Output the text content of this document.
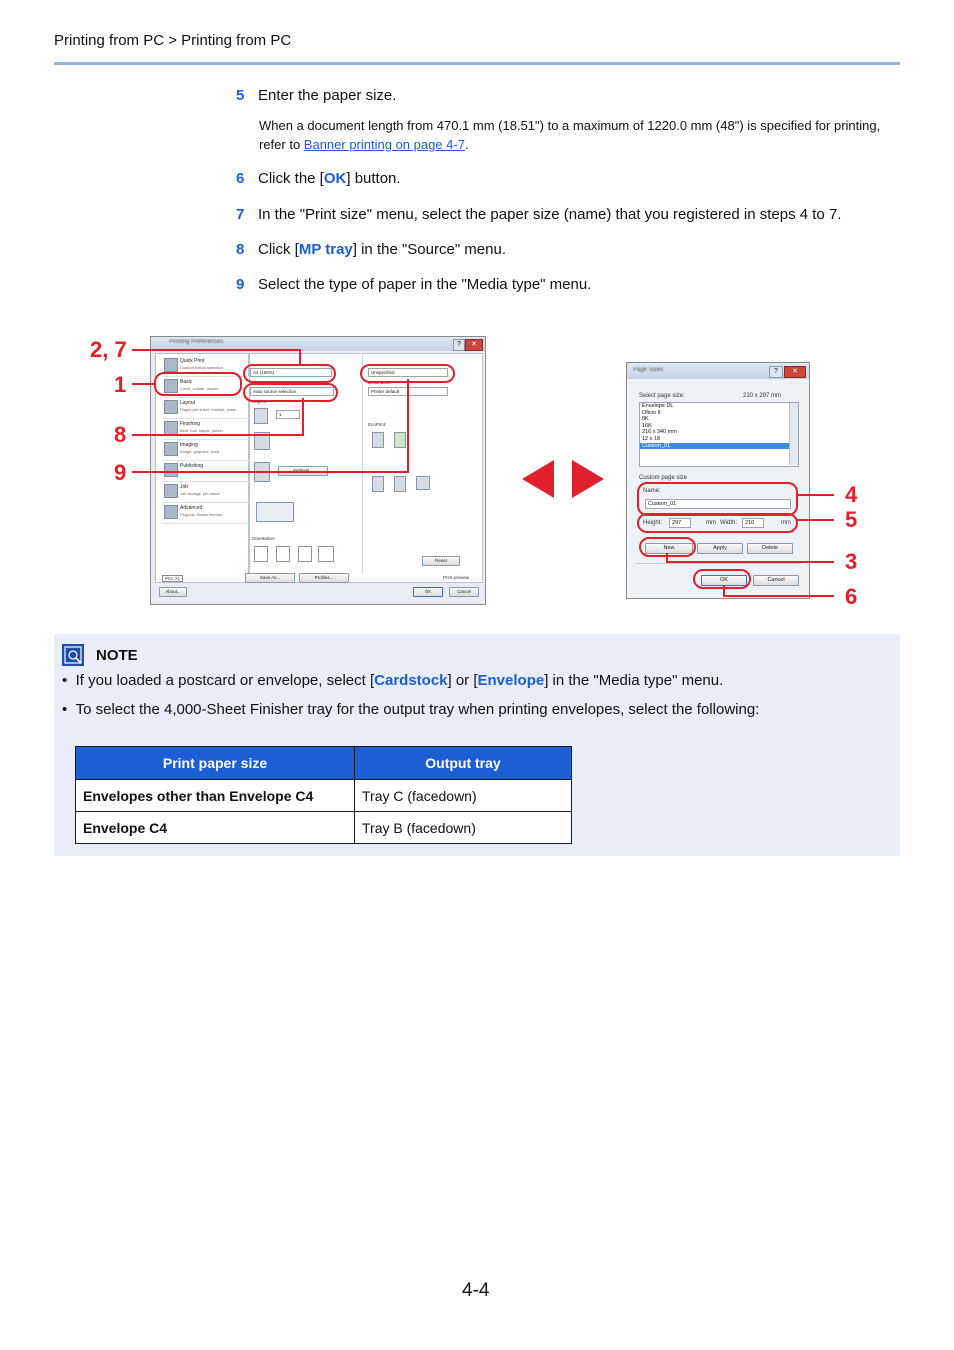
Printing from PC > Printing from PC
5 Enter the paper size.
When a document length from 470.1 mm (18.51") to a maximum of 1220.0 mm (48") is specified for printing, refer to Banner printing on page 4-7.
6 Click the [OK] button.
7 In the "Print size" menu, select the paper size (name) that you registered in steps 4 to 7.
8 Click [MP tray] in the "Source" menu.
9 Select the type of paper in the "Media type" menu.
Printing Preferences	?	✕
Quick Print
Custom button selection
Basic
Cover, collate, duplex
Layout
Pages per sheet, booklet, scale
Finishing
Bind, fold, staple, punch
Imaging
Image, graphics, fonts
Publishing
Job
Job storage, job name
Advanced
Plug-ins, Status Monitor
PCL XL
A4 (100%)
Auto source selection
Copies:
1
Orientation:
Unspecified
Destination:
Printer default
EcoPrint:
Reset
About...
Save As...	Profiles...	Print preview
OK	Cancel
2, 7
1
8
9
Page Sizes	?	✕
Select page size:	210 x 297 mm
Envelope DL
Oficio II
8K
16K
216 x 340 mm
12 x 18
Custom_01
Custom page size
Name:
Custom_01
Height:	297	mm Width:	210	mm
New	Apply	Delete
OK	Cancel
4
5
3
6
NOTE
• If you loaded a postcard or envelope, select [Cardstock] or [Envelope] in the "Media type" menu.
• To select the 4,000-Sheet Finisher tray for the output tray when printing envelopes, select the following:
Print paper size	Output tray
Envelopes other than Envelope C4	Tray C (facedown)
Envelope C4	Tray B (facedown)
4-4
